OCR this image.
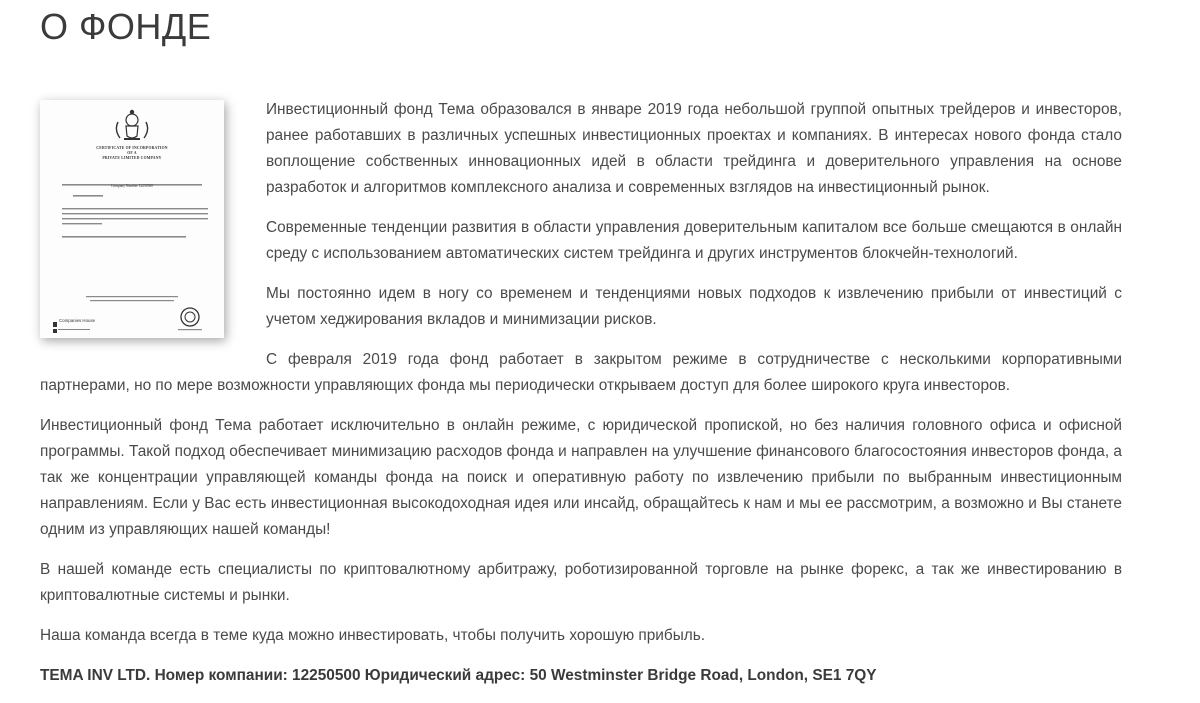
О ФОНДЕ
CERTIFICATE OF INCORPORATION
OF A
PRIVATE LIMITED COMPANY
Company Number 12250500
Companies House

Инвестиционный фонд Тема образовался в январе 2019 года небольшой группой опытных трейдеров и инвесторов, ранее работавших в различных успешных инвестиционных проектах и компаниях. В интересах нового фонда стало воплощение собственных инновационных идей в области трейдинга и доверительного управления на основе разработок и алгоритмов комплексного анализа и современных взглядов на инвестиционный рынок.

Современные тенденции развития в области управления доверительным капиталом все больше смещаются в онлайн среду с использованием автоматических систем трейдинга и других инструментов блокчейн-технологий.

Мы постоянно идем в ногу со временем и тенденциями новых подходов к извлечению прибыли от инвестиций с учетом хеджирования вкладов и минимизации рисков.

С февраля 2019 года фонд работает в закрытом режиме в сотрудничестве с несколькими корпоративными партнерами, но по мере возможности управляющих фонда мы периодически открываем доступ для более широкого круга инвесторов.

Инвестиционный фонд Тема работает исключительно в онлайн режиме, с юридической пропиской, но без наличия головного офиса и офисной программы. Такой подход обеспечивает минимизацию расходов фонда и направлен на улучшение финансового благосостояния инвесторов фонда, а так же концентрации управляющей команды фонда на поиск и оперативную работу по извлечению прибыли по выбранным инвестиционным направлениям. Если у Вас есть инвестиционная высокодоходная идея или инсайд, обращайтесь к нам и мы ее рассмотрим, а возможно и Вы станете одним из управляющих нашей команды!

В нашей команде есть специалисты по криптовалютному арбитражу, роботизированной торговле на рынке форекс, а так же инвестированию в криптовалютные системы и рынки.

Наша команда всегда в теме куда можно инвестировать, чтобы получить хорошую прибыль.

TEMA INV LTD. Номер компании: 12250500 Юридический адрес: 50 Westminster Bridge Road, London, SE1 7QY
